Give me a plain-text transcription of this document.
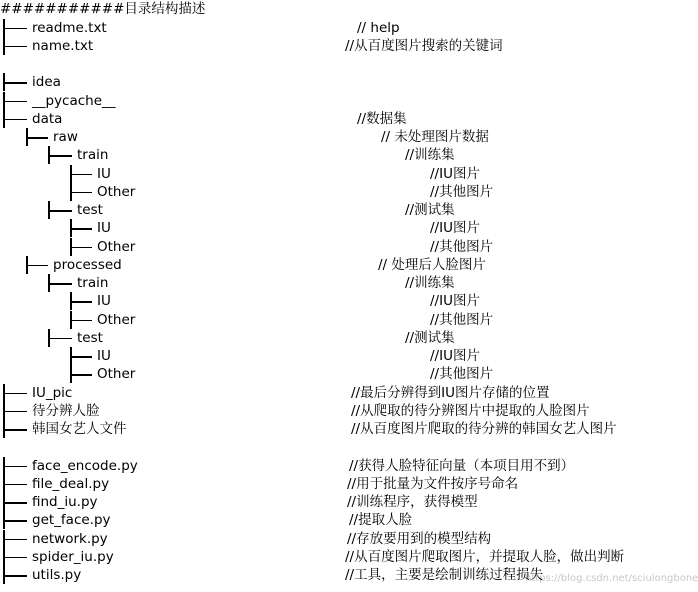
###########目录结构描述
https://blog.csdn.net/sciulongbone
readme.txt	// help
name.txt	//从百度图片搜索的关键词
idea
__pycache__
data	//数据集
raw	// 未处理图片数据
train	//训练集
IU	//IU图片
Other	//其他图片
test	//测试集
IU	//IU图片
Other	//其他图片
processed	// 处理后人脸图片
train	//训练集
IU	//IU图片
Other	//其他图片
test	//测试集
IU	//IU图片
Other	//其他图片
IU_pic	//最后分辨得到IU图片存储的位置
待分辨人脸	//从爬取的待分辨图片中提取的人脸图片
韩国女艺人文件	//从百度图片爬取的待分辨的韩国女艺人图片
face_encode.py	//获得人脸特征向量（本项目用不到）
file_deal.py	//用于批量为文件按序号命名
find_iu.py	//训练程序，获得模型
get_face.py	//提取人脸
network.py	//存放要用到的模型结构
spider_iu.py	//从百度图片爬取图片，并提取人脸，做出判断
utils.py	//工具，主要是绘制训练过程损失
